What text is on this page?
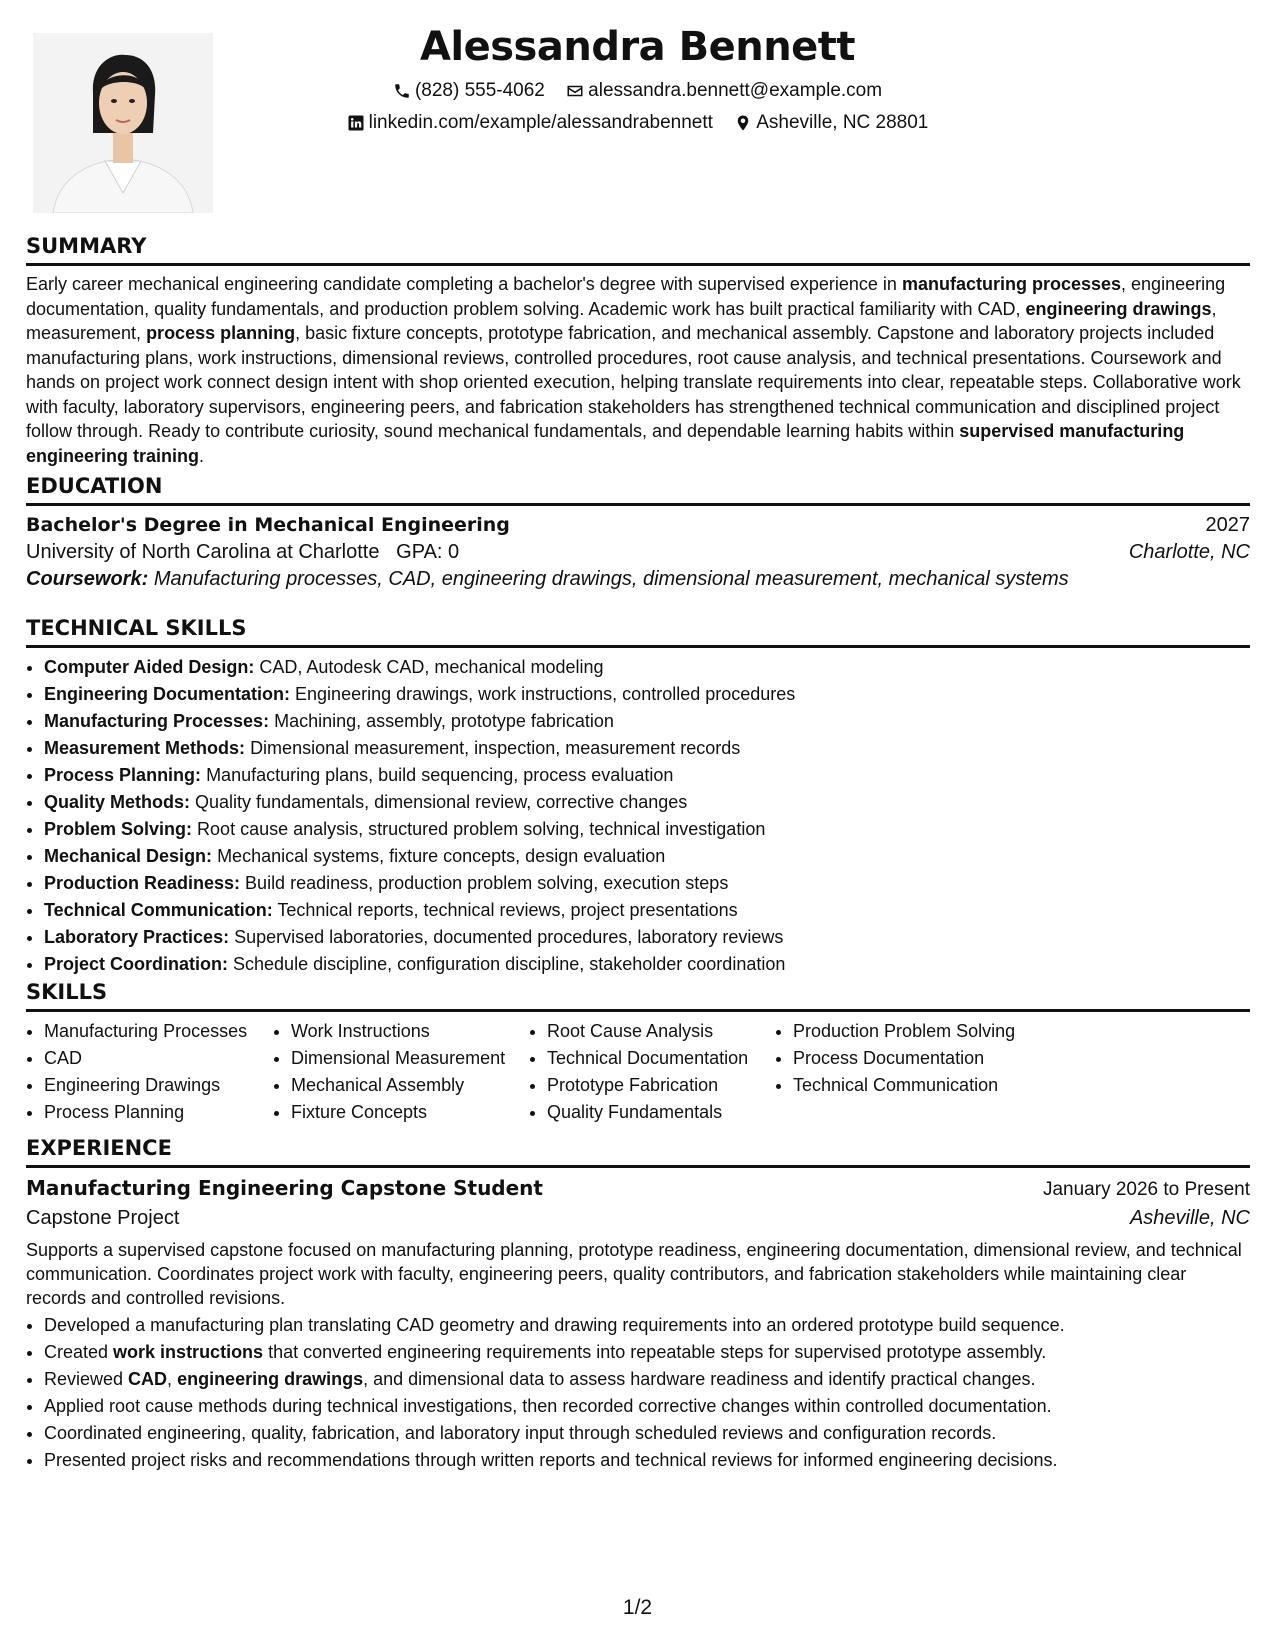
Alessandra Bennett
(828) 555-4062
alessandra.bennett@example.com
linkedin.com/example/alessandrabennett
Asheville, NC 28801
SUMMARY
Early career mechanical engineering candidate completing a bachelor's degree with supervised experience in manufacturing processes, engineering documentation, quality fundamentals, and production problem solving. Academic work has built practical familiarity with CAD, engineering drawings, measurement, process planning, basic fixture concepts, prototype fabrication, and mechanical assembly. Capstone and laboratory projects included manufacturing plans, work instructions, dimensional reviews, controlled procedures, root cause analysis, and technical presentations. Coursework and hands on project work connect design intent with shop oriented execution, helping translate requirements into clear, repeatable steps. Collaborative work with faculty, laboratory supervisors, engineering peers, and fabrication stakeholders has strengthened technical communication and disciplined project follow through. Ready to contribute curiosity, sound mechanical fundamentals, and dependable learning habits within supervised manufacturing engineering training.
EDUCATION
Bachelor's Degree in Mechanical Engineering	2027
University of North Carolina at Charlotte GPA: 0	Charlotte, NC
Coursework: Manufacturing processes, CAD, engineering drawings, dimensional measurement, mechanical systems
TECHNICAL SKILLS
• Computer Aided Design: CAD, Autodesk CAD, mechanical modeling
• Engineering Documentation: Engineering drawings, work instructions, controlled procedures
• Manufacturing Processes: Machining, assembly, prototype fabrication
• Measurement Methods: Dimensional measurement, inspection, measurement records
• Process Planning: Manufacturing plans, build sequencing, process evaluation
• Quality Methods: Quality fundamentals, dimensional review, corrective changes
• Problem Solving: Root cause analysis, structured problem solving, technical investigation
• Mechanical Design: Mechanical systems, fixture concepts, design evaluation
• Production Readiness: Build readiness, production problem solving, execution steps
• Technical Communication: Technical reports, technical reviews, project presentations
• Laboratory Practices: Supervised laboratories, documented procedures, laboratory reviews
• Project Coordination: Schedule discipline, configuration discipline, stakeholder coordination
SKILLS
• Manufacturing Processes
• CAD
• Engineering Drawings
• Process Planning
• Work Instructions
• Dimensional Measurement
• Mechanical Assembly
• Fixture Concepts
• Root Cause Analysis
• Technical Documentation
• Prototype Fabrication
• Quality Fundamentals
• Production Problem Solving
• Process Documentation
• Technical Communication
EXPERIENCE
Manufacturing Engineering Capstone Student	January 2026 to Present
Capstone Project	Asheville, NC
Supports a supervised capstone focused on manufacturing planning, prototype readiness, engineering documentation, dimensional review, and technical communication. Coordinates project work with faculty, engineering peers, quality contributors, and fabrication stakeholders while maintaining clear records and controlled revisions.
• Developed a manufacturing plan translating CAD geometry and drawing requirements into an ordered prototype build sequence.
• Created work instructions that converted engineering requirements into repeatable steps for supervised prototype assembly.
• Reviewed CAD, engineering drawings, and dimensional data to assess hardware readiness and identify practical changes.
• Applied root cause methods during technical investigations, then recorded corrective changes within controlled documentation.
• Coordinated engineering, quality, fabrication, and laboratory input through scheduled reviews and configuration records.
• Presented project risks and recommendations through written reports and technical reviews for informed engineering decisions.
1/2
